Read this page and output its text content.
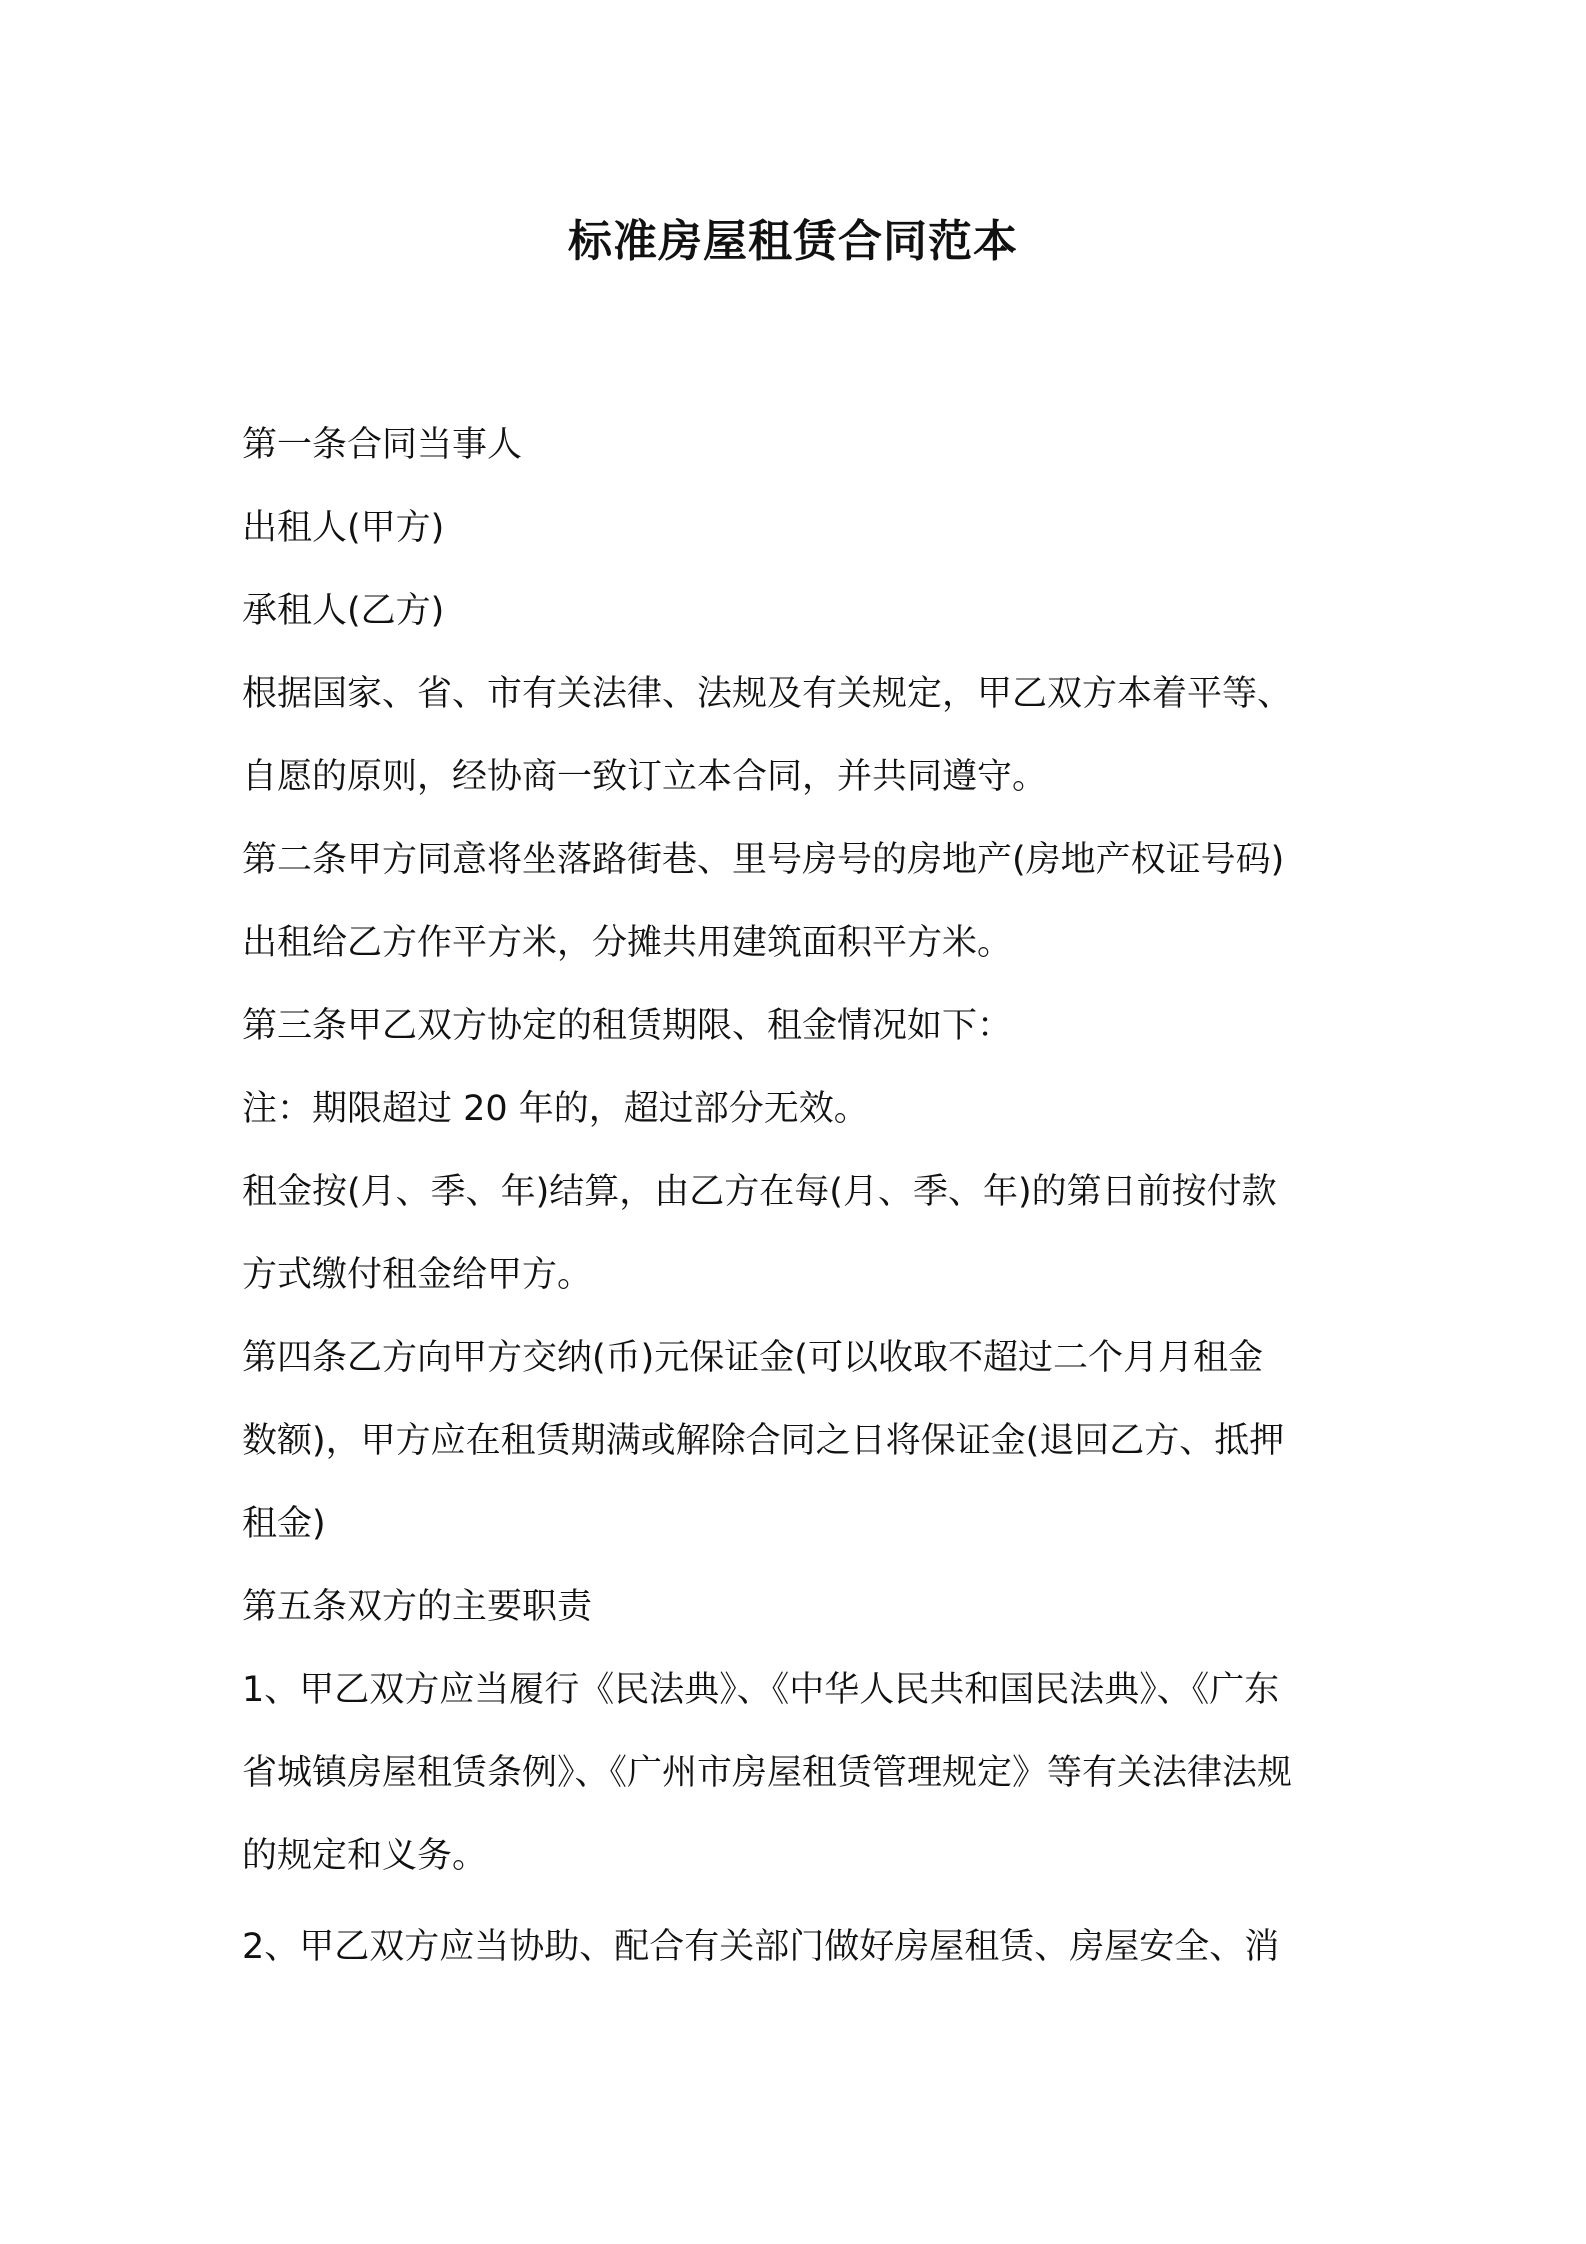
标准房屋租赁合同范本
第一条合同当事人
出租人(甲方)
承租人(乙方)
根据国家、省、市有关法律、法规及有关规定，甲乙双方本着平等、
自愿的原则，经协商一致订立本合同，并共同遵守。
第二条甲方同意将坐落路街巷、里号房号的房地产(房地产权证号码)
出租给乙方作平方米，分摊共用建筑面积平方米。
第三条甲乙双方协定的租赁期限、租金情况如下：
注：期限超过 20 年的，超过部分无效。
租金按(月、季、年)结算，由乙方在每(月、季、年)的第日前按付款
方式缴付租金给甲方。
第四条乙方向甲方交纳(币)元保证金(可以收取不超过二个月月租金
数额)，甲方应在租赁期满或解除合同之日将保证金(退回乙方、抵押
租金)
第五条双方的主要职责
1、甲乙双方应当履行《民法典》、《中华人民共和国民法典》、《广东
省城镇房屋租赁条例》、《广州市房屋租赁管理规定》等有关法律法规
的规定和义务。
2、甲乙双方应当协助、配合有关部门做好房屋租赁、房屋安全、消
